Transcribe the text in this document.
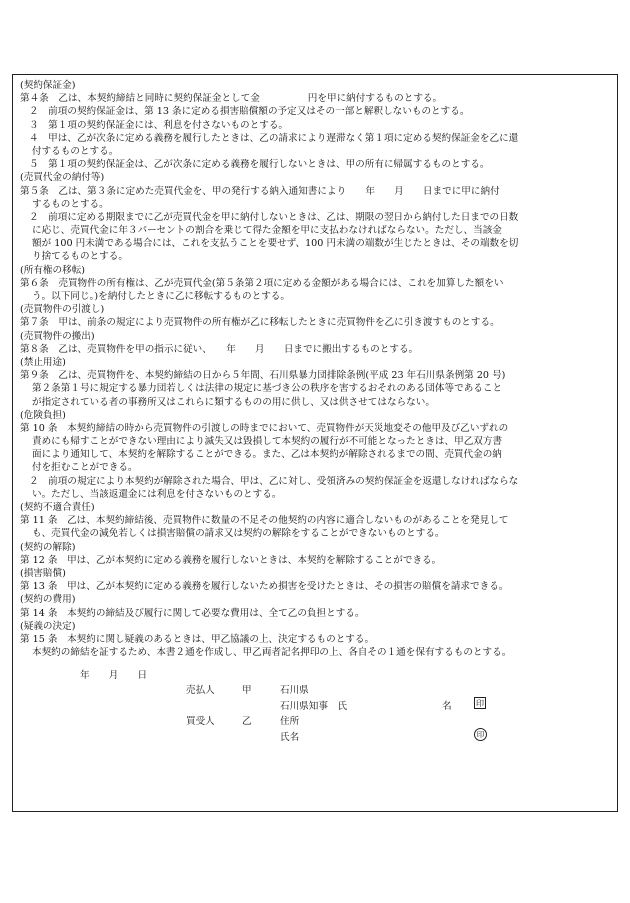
(契約保証金)
第４条　乙は、本契約締結と同時に契約保証金として金　　　　　円を甲に納付するものとする。
２　前項の契約保証金は、第 13 条に定める損害賠償額の予定又はその一部と解釈しないものとする。
３　第１項の契約保証金には、利息を付さないものとする。
４　甲は、乙が次条に定める義務を履行したときは、乙の請求により遅滞なく第１項に定める契約保証金を乙に還
付するものとする。
５　第１項の契約保証金は、乙が次条に定める義務を履行しないときは、甲の所有に帰属するものとする。
(売買代金の納付等)
第５条　乙は、第３条に定めた売買代金を、甲の発行する納入通知書により　　年　　月　　日までに甲に納付
するものとする。
２　前項に定める期限までに乙が売買代金を甲に納付しないときは、乙は、期限の翌日から納付した日までの日数
に応じ、売買代金に年３パーセントの割合を乗じて得た金額を甲に支払わなければならない。ただし、当該金
額が 100 円未満である場合には、これを支払うことを要せず、100 円未満の端数が生じたときは、その端数を切
り捨てるものとする。
(所有権の移転)
第６条　売買物件の所有権は、乙が売買代金(第５条第２項に定める金額がある場合には、これを加算した額をい
う。以下同じ。)を納付したときに乙に移転するものとする。
(売買物件の引渡し)
第７条　甲は、前条の規定により売買物件の所有権が乙に移転したときに売買物件を乙に引き渡すものとする。
(売買物件の搬出)
第８条　乙は、売買物件を甲の指示に従い、　　年　　月　　日までに搬出するものとする。
(禁止用途)
第９条　乙は、売買物件を、本契約締結の日から５年間、石川県暴力団排除条例(平成 23 年石川県条例第 20 号)
第２条第１号に規定する暴力団若しくは法律の規定に基づき公の秩序を害するおそれのある団体等であること
が指定されている者の事務所又はこれらに類するものの用に供し、又は供させてはならない。
(危険負担)
第 10 条　本契約締結の時から売買物件の引渡しの時までにおいて、売買物件が天災地変その他甲及び乙いずれの
責めにも帰すことができない理由により滅失又は毀損して本契約の履行が不可能となったときは、甲乙双方書
面により通知して、本契約を解除することができる。また、乙は本契約が解除されるまでの間、売買代金の納
付を拒むことができる。
２　前項の規定により本契約が解除された場合、甲は、乙に対し、受領済みの契約保証金を返還しなければならな
い。ただし、当該返還金には利息を付さないものとする。
(契約不適合責任)
第 11 条　乙は、本契約締結後、売買物件に数量の不足その他契約の内容に適合しないものがあることを発見して
も、売買代金の減免若しくは損害賠償の請求又は契約の解除をすることができないものとする。
(契約の解除)
第 12 条　甲は、乙が本契約に定める義務を履行しないときは、本契約を解除することができる。
(損害賠償)
第 13 条　甲は、乙が本契約に定める義務を履行しないため損害を受けたときは、その損害の賠償を請求できる。
(契約の費用)
第 14 条　本契約の締結及び履行に関して必要な費用は、全て乙の負担とする。
(疑義の決定)
第 15 条　本契約に関し疑義のあるときは、甲乙協議の上、決定するものとする。
本契約の締結を証するため、本書２通を作成し、甲乙両者記名押印の上、各自その１通を保有するものとする。
年　　月　　日
売払人	甲	石川県
石川県知事　氏	名	印
買受人	乙	住所
氏名	印
